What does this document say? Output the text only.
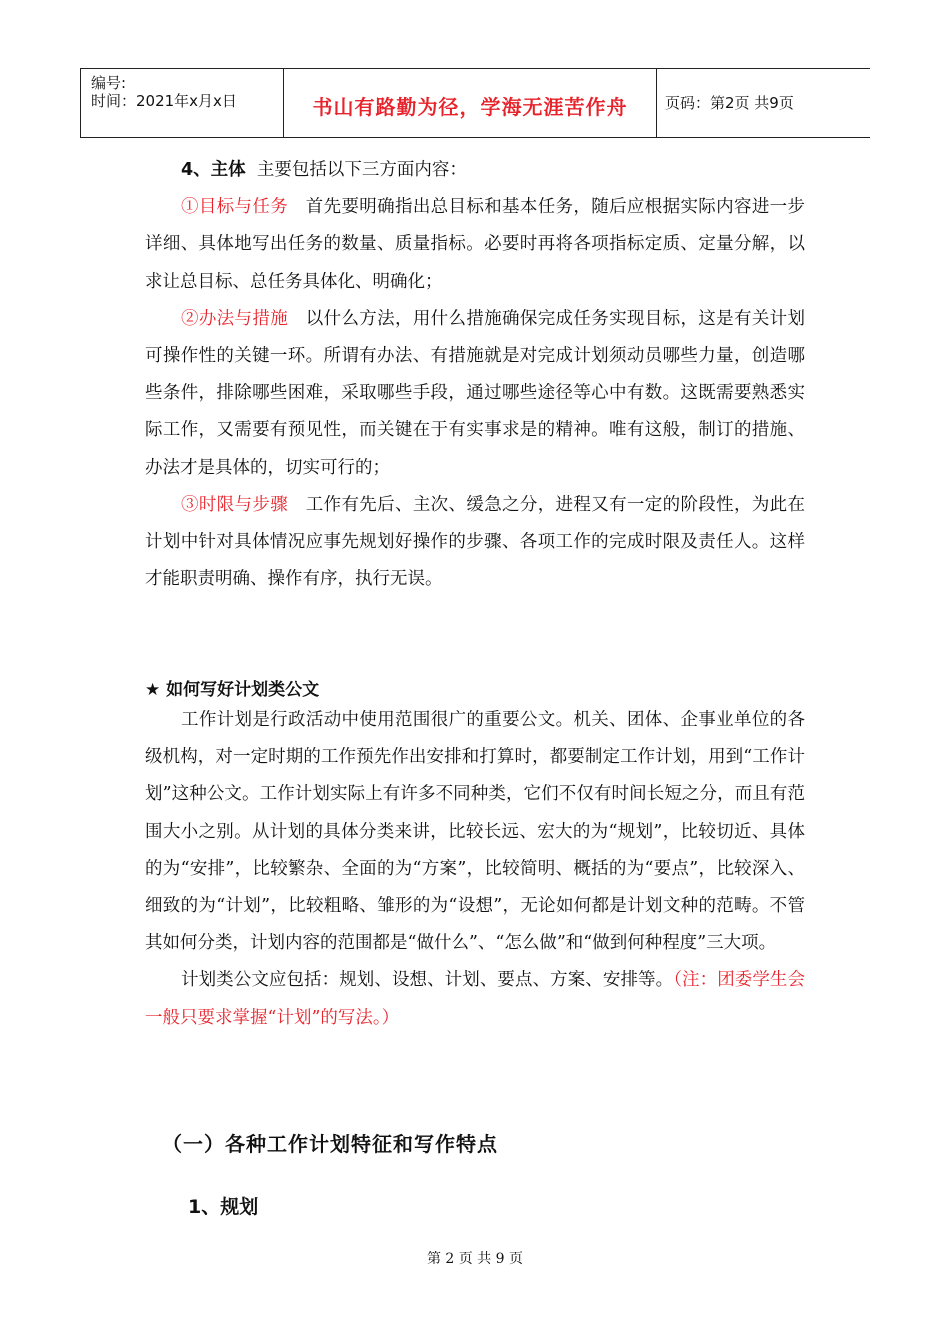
编号:
时间：2021年x月x日	书山有路勤为径，学海无涯苦作舟	页码：第2页 共9页

4、主体 主要包括以下三方面内容：

①目标与任务 首先要明确指出总目标和基本任务，随后应根据实际内容进一步详细、具体地写出任务的数量、质量指标。必要时再将各项指标定质、定量分解，以求让总目标、总任务具体化、明确化；

②办法与措施 以什么方法，用什么措施确保完成任务实现目标，这是有关计划可操作性的关键一环。所谓有办法、有措施就是对完成计划须动员哪些力量，创造哪些条件，排除哪些困难，采取哪些手段，通过哪些途径等心中有数。这既需要熟悉实际工作，又需要有预见性，而关键在于有实事求是的精神。唯有这般，制订的措施、办法才是具体的，切实可行的；

③时限与步骤 工作有先后、主次、缓急之分，进程又有一定的阶段性，为此在计划中针对具体情况应事先规划好操作的步骤、各项工作的完成时限及责任人。这样才能职责明确、操作有序，执行无误。

★ 如何写好计划类公文

工作计划是行政活动中使用范围很广的重要公文。机关、团体、企事业单位的各级机构，对一定时期的工作预先作出安排和打算时，都要制定工作计划，用到“工作计划”这种公文。工作计划实际上有许多不同种类，它们不仅有时间长短之分，而且有范围大小之别。从计划的具体分类来讲，比较长远、宏大的为“规划”，比较切近、具体的为“安排”，比较繁杂、全面的为“方案”，比较简明、概括的为“要点”，比较深入、细致的为“计划”，比较粗略、雏形的为“设想”，无论如何都是计划文种的范畴。不管其如何分类，计划内容的范围都是“做什么”、“怎么做”和“做到何种程度”三大项。

计划类公文应包括：规划、设想、计划、要点、方案、安排等。（注：团委学生会一般只要求掌握“计划”的写法。）

（一）各种工作计划特征和写作特点
1、规划
第 2 页 共 9 页
